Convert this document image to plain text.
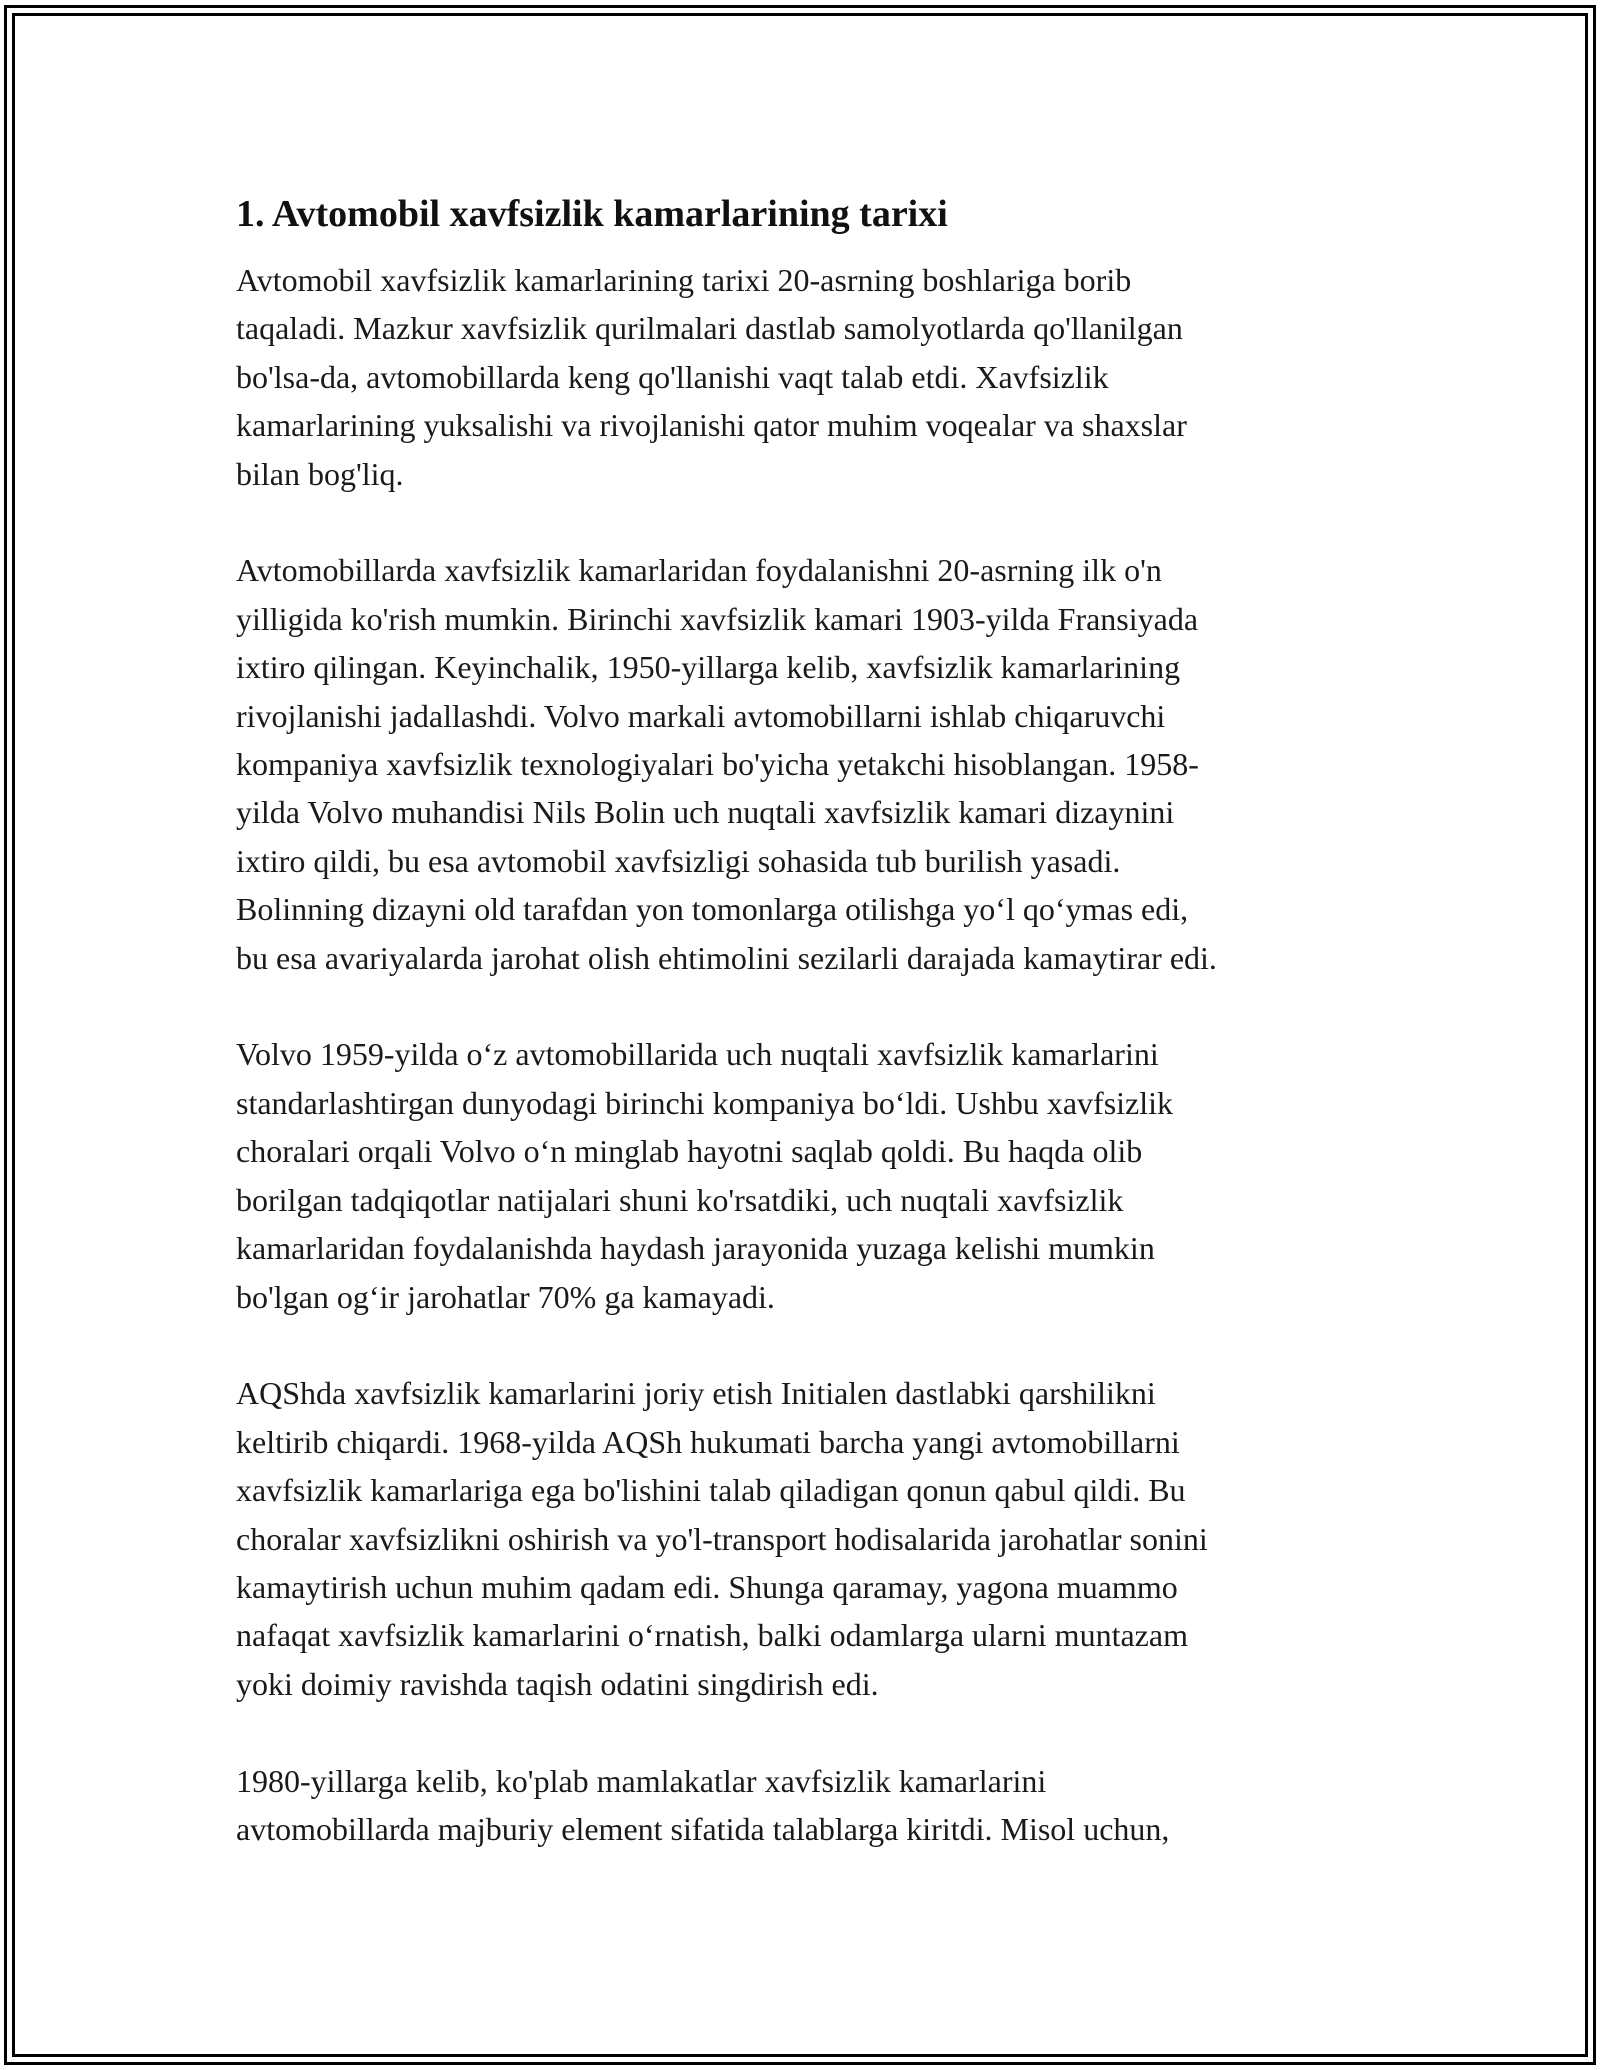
1. Avtomobil xavfsizlik kamarlarining tarixi

Avtomobil xavfsizlik kamarlarining tarixi 20-asrning boshlariga borib
taqaladi. Mazkur xavfsizlik qurilmalari dastlab samolyotlarda qo'llanilgan
bo'lsa-da, avtomobillarda keng qo'llanishi vaqt talab etdi. Xavfsizlik
kamarlarining yuksalishi va rivojlanishi qator muhim voqealar va shaxslar
bilan bog'liq.

Avtomobillarda xavfsizlik kamarlaridan foydalanishni 20-asrning ilk o'n
yilligida ko'rish mumkin. Birinchi xavfsizlik kamari 1903-yilda Fransiyada
ixtiro qilingan. Keyinchalik, 1950-yillarga kelib, xavfsizlik kamarlarining
rivojlanishi jadallashdi. Volvo markali avtomobillarni ishlab chiqaruvchi
kompaniya xavfsizlik texnologiyalari bo'yicha yetakchi hisoblangan. 1958-
yilda Volvo muhandisi Nils Bolin uch nuqtali xavfsizlik kamari dizaynini
ixtiro qildi, bu esa avtomobil xavfsizligi sohasida tub burilish yasadi.
Bolinning dizayni old tarafdan yon tomonlarga otilishga yo‘l qo‘ymas edi,
bu esa avariyalarda jarohat olish ehtimolini sezilarli darajada kamaytirar edi.

Volvo 1959-yilda o‘z avtomobillarida uch nuqtali xavfsizlik kamarlarini
standarlashtirgan dunyodagi birinchi kompaniya bo‘ldi. Ushbu xavfsizlik
choralari orqali Volvo o‘n minglab hayotni saqlab qoldi. Bu haqda olib
borilgan tadqiqotlar natijalari shuni ko'rsatdiki, uch nuqtali xavfsizlik
kamarlaridan foydalanishda haydash jarayonida yuzaga kelishi mumkin
bo'lgan og‘ir jarohatlar 70% ga kamayadi.

AQShda xavfsizlik kamarlarini joriy etish Initialen dastlabki qarshilikni
keltirib chiqardi. 1968-yilda AQSh hukumati barcha yangi avtomobillarni
xavfsizlik kamarlariga ega bo'lishini talab qiladigan qonun qabul qildi. Bu
choralar xavfsizlikni oshirish va yo'l-transport hodisalarida jarohatlar sonini
kamaytirish uchun muhim qadam edi. Shunga qaramay, yagona muammo
nafaqat xavfsizlik kamarlarini o‘rnatish, balki odamlarga ularni muntazam
yoki doimiy ravishda taqish odatini singdirish edi.

1980-yillarga kelib, ko'plab mamlakatlar xavfsizlik kamarlarini
avtomobillarda majburiy element sifatida talablarga kiritdi. Misol uchun,
